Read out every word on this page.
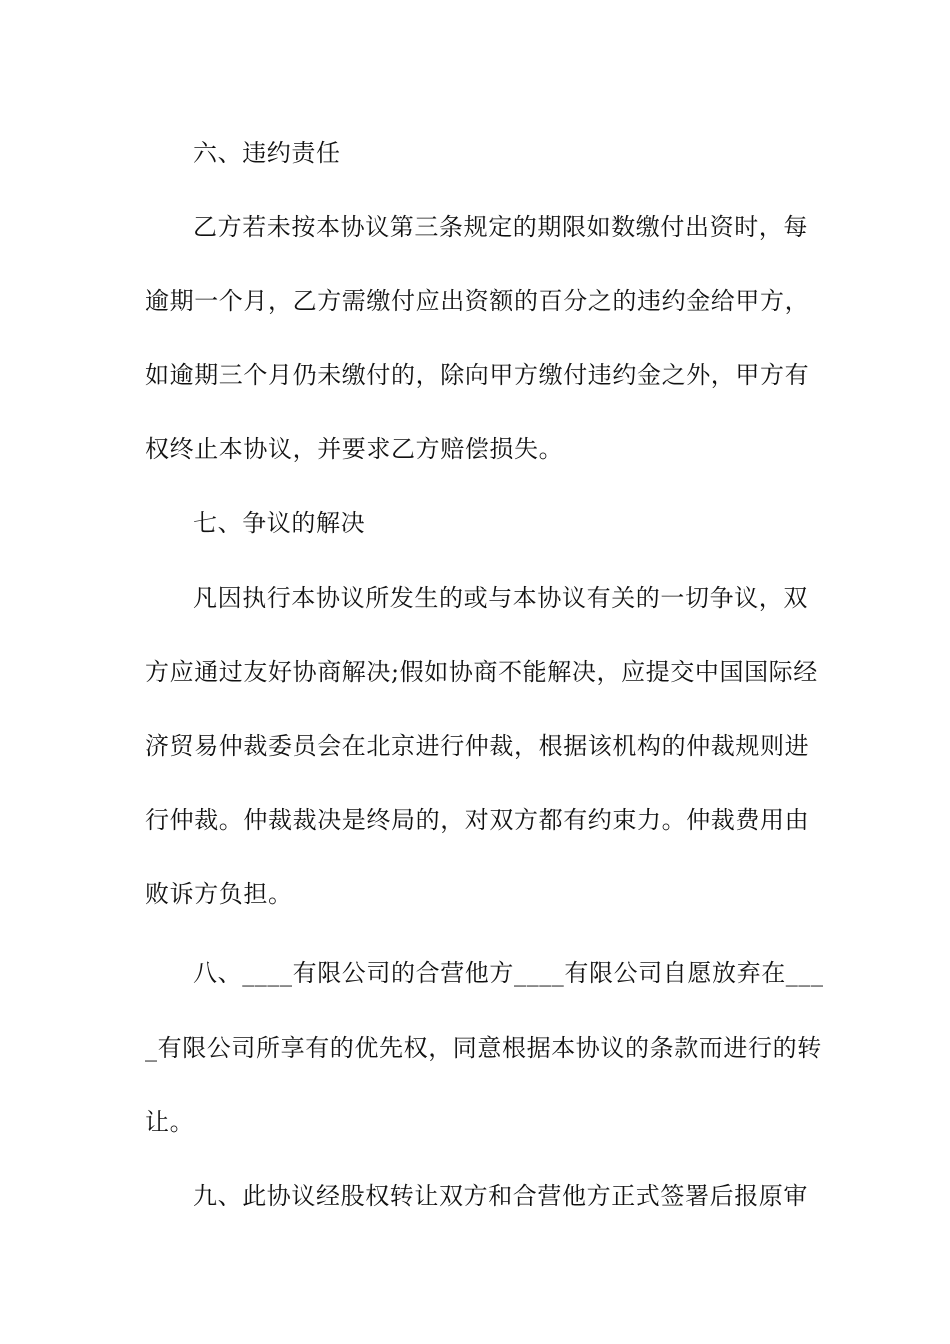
六、违约责任
乙方若未按本协议第三条规定的期限如数缴付出资时，每
逾期一个月，乙方需缴付应出资额的百分之的违约金给甲方，
如逾期三个月仍未缴付的，除向甲方缴付违约金之外，甲方有
权终止本协议，并要求乙方赔偿损失。
七、争议的解决
凡因执行本协议所发生的或与本协议有关的一切争议，双
方应通过友好协商解决;假如协商不能解决，应提交中国国际经
济贸易仲裁委员会在北京进行仲裁，根据该机构的仲裁规则进
行仲裁。仲裁裁决是终局的，对双方都有约束力。仲裁费用由
败诉方负担。
八、____有限公司的合营他方____有限公司自愿放弃在___
_有限公司所享有的优先权，同意根据本协议的条款而进行的转
让。
九、此协议经股权转让双方和合营他方正式签署后报原审
